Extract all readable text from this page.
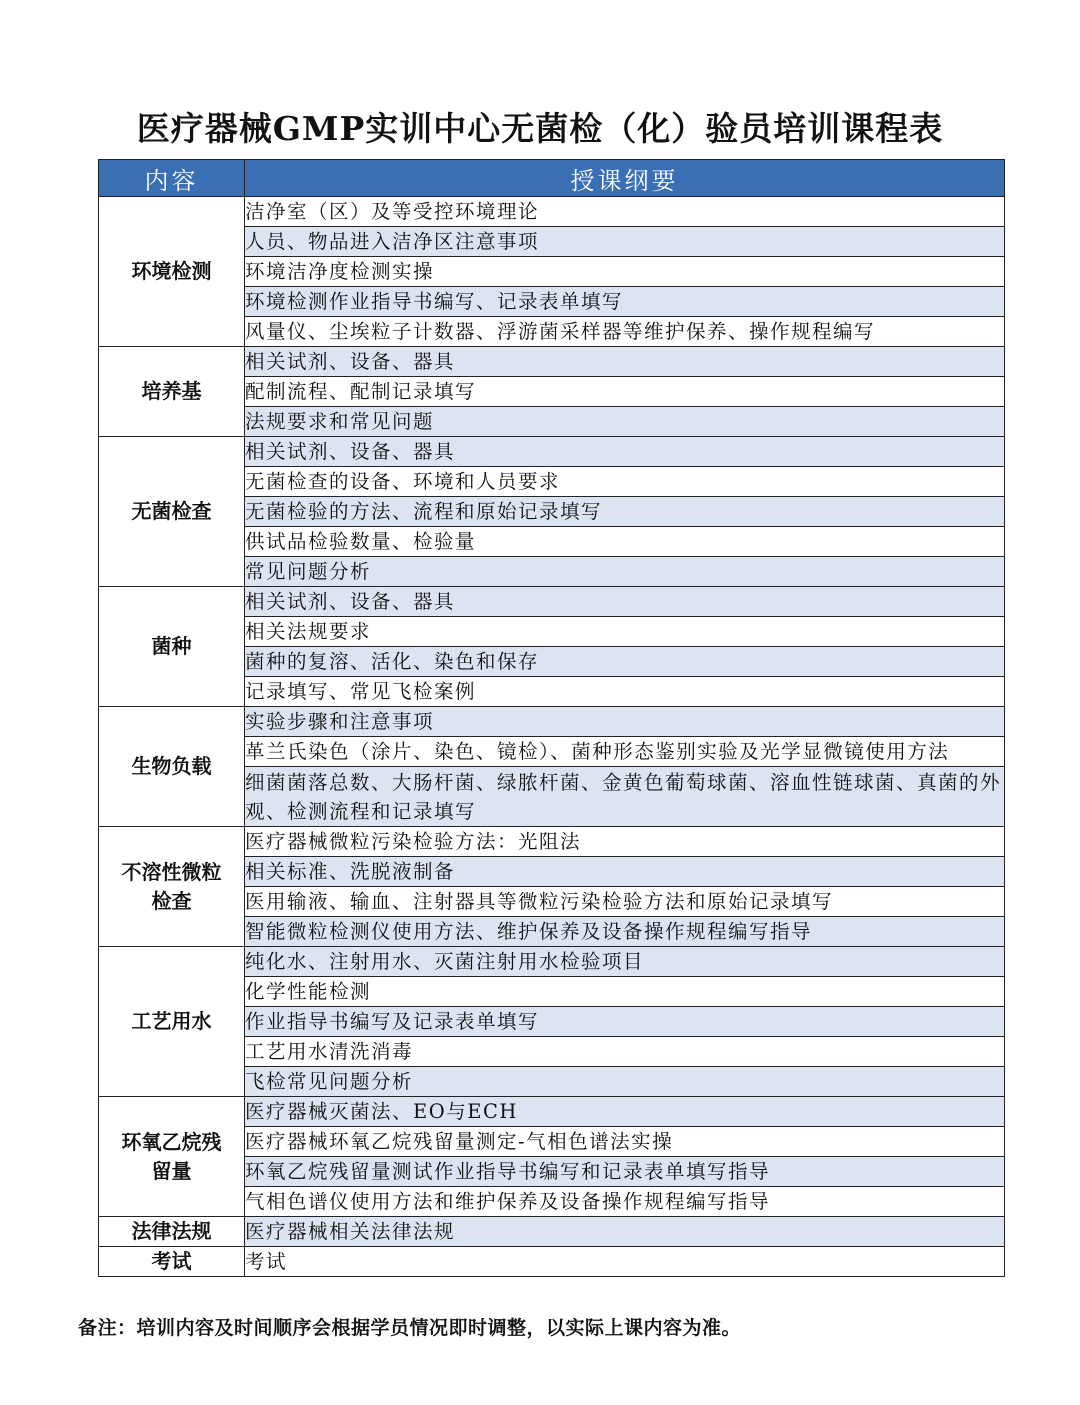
医疗器械GMP实训中心无菌检（化）验员培训课程表
内容	授课纲要
环境检测	洁净室（区）及等受控环境理论
	人员、物品进入洁净区注意事项
	环境洁净度检测实操
	环境检测作业指导书编写、记录表单填写
	风量仪、尘埃粒子计数器、浮游菌采样器等维护保养、操作规程编写
培养基	相关试剂、设备、器具
	配制流程、配制记录填写
	法规要求和常见问题
无菌检查	相关试剂、设备、器具
	无菌检查的设备、环境和人员要求
	无菌检验的方法、流程和原始记录填写
	供试品检验数量、检验量
	常见问题分析
菌种	相关试剂、设备、器具
	相关法规要求
	菌种的复溶、活化、染色和保存
	记录填写、常见飞检案例
生物负载	实验步骤和注意事项
	革兰氏染色（涂片、染色、镜检）、菌种形态鉴别实验及光学显微镜使用方法
	细菌菌落总数、大肠杆菌、绿脓杆菌、金黄色葡萄球菌、溶血性链球菌、真菌的外观、检测流程和记录填写
不溶性微粒检查	医疗器械微粒污染检验方法：光阻法
	相关标准、洗脱液制备
	医用输液、输血、注射器具等微粒污染检验方法和原始记录填写
	智能微粒检测仪使用方法、维护保养及设备操作规程编写指导
工艺用水	纯化水、注射用水、灭菌注射用水检验项目
	化学性能检测
	作业指导书编写及记录表单填写
	工艺用水清洗消毒
	飞检常见问题分析
环氧乙烷残留量	医疗器械灭菌法、EO与ECH
	医疗器械环氧乙烷残留量测定-气相色谱法实操
	环氧乙烷残留量测试作业指导书编写和记录表单填写指导
	气相色谱仪使用方法和维护保养及设备操作规程编写指导
法律法规	医疗器械相关法律法规
考试	考试

备注：培训内容及时间顺序会根据学员情况即时调整，以实际上课内容为准。
